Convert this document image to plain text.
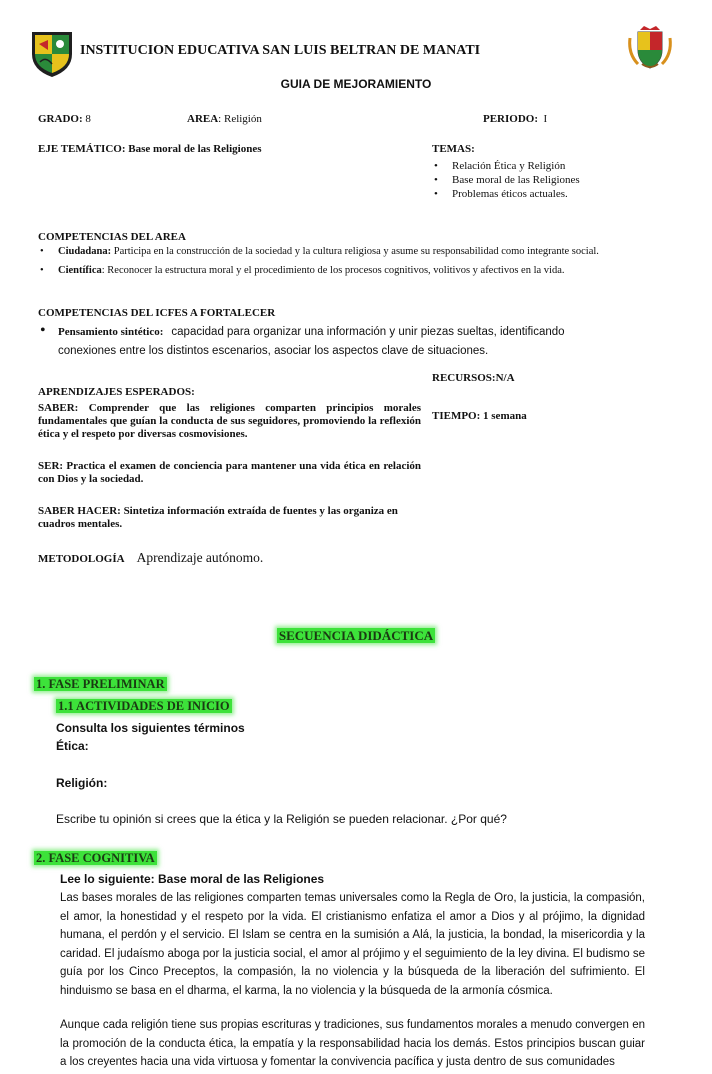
INSTITUCION EDUCATIVA SAN LUIS BELTRAN DE MANATI
GUIA DE MEJORAMIENTO
GRADO: 8	AREA: Religión	PERIODO: I
EJE TEMÁTICO: Base moral de las Religiones	TEMAS:
• Relación Ética y Religión
• Base moral de las Religiones
• Problemas éticos actuales.
COMPETENCIAS DEL AREA
• Ciudadana: Participa en la construcción de la sociedad y la cultura religiosa y asume su responsabilidad como integrante social.
• Científica: Reconocer la estructura moral y el procedimiento de los procesos cognitivos, volitivos y afectivos en la vida.
COMPETENCIAS DEL ICFES A FORTALECER
• Pensamiento sintético: capacidad para organizar una información y unir piezas sueltas, identificando conexiones entre los distintos escenarios, asociar los aspectos clave de situaciones.
RECURSOS:N/A
TIEMPO: 1 semana
APRENDIZAJES ESPERADOS:
SABER: Comprender que las religiones comparten principios morales fundamentales que guían la conducta de sus seguidores, promoviendo la reflexión ética y el respeto por diversas cosmovisiones.
SER: Practica el examen de conciencia para mantener una vida ética en relación con Dios y la sociedad.
SABER HACER: Sintetiza información extraída de fuentes y las organiza en cuadros mentales.
METODOLOGÍA Aprendizaje autónomo.
SECUENCIA DIDÁCTICA
1. FASE PRELIMINAR
1.1 ACTIVIDADES DE INICIO
Consulta los siguientes términos
Ética:
Religión:
Escribe tu opinión si crees que la ética y la Religión se pueden relacionar. ¿Por qué?
2. FASE COGNITIVA
Lee lo siguiente: Base moral de las Religiones
Las bases morales de las religiones comparten temas universales como la Regla de Oro, la justicia, la compasión, el amor, la honestidad y el respeto por la vida. El cristianismo enfatiza el amor a Dios y al prójimo, la dignidad humana, el perdón y el servicio. El Islam se centra en la sumisión a Alá, la justicia, la bondad, la misericordia y la caridad. El judaísmo aboga por la justicia social, el amor al prójimo y el seguimiento de la ley divina. El budismo se guía por los Cinco Preceptos, la compasión, la no violencia y la búsqueda de la liberación del sufrimiento. El hinduismo se basa en el dharma, el karma, la no violencia y la búsqueda de la armonía cósmica.
Aunque cada religión tiene sus propias escrituras y tradiciones, sus fundamentos morales a menudo convergen en la promoción de la conducta ética, la empatía y la responsabilidad hacia los demás. Estos principios buscan guiar a los creyentes hacia una vida virtuosa y fomentar la convivencia pacífica y justa dentro de sus comunidades
